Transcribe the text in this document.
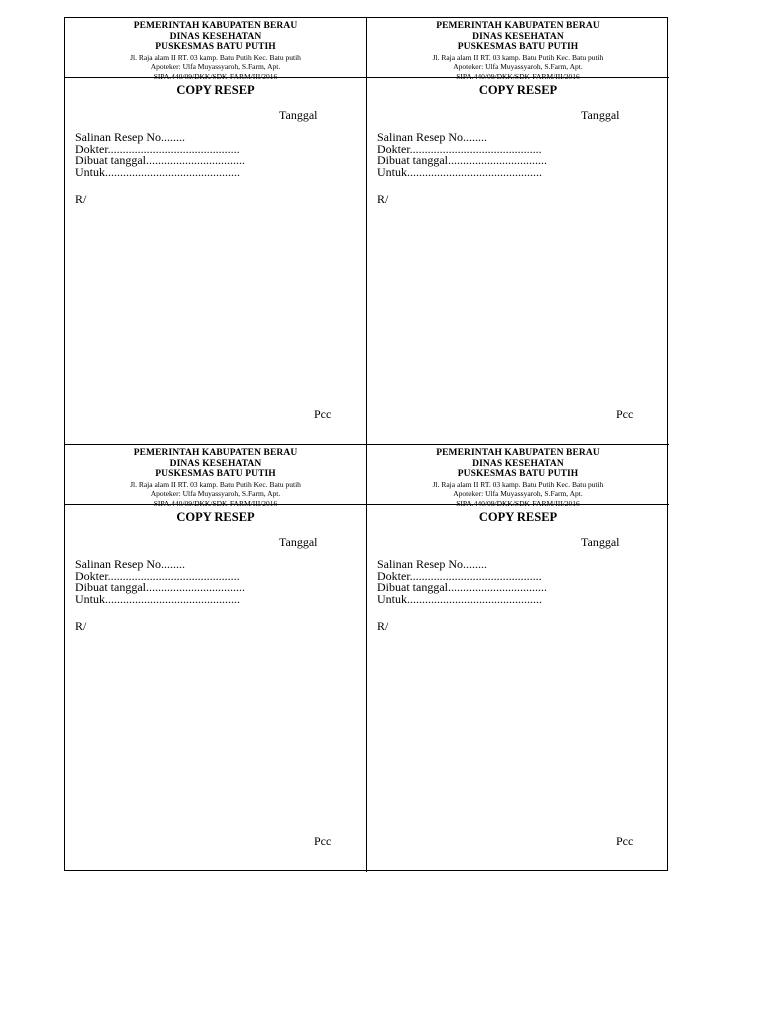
PEMERINTAH KABUPATEN BERAU
DINAS KESEHATAN
PUSKESMAS BATU PUTIH
Jl. Raja alam II RT. 03 kamp. Batu Putih Kec. Batu putih
Apoteker: Ulfa Muyassyaroh, S.Farm, Apt.
SIPA.440/09/DKK/SDK-FARM/III/2016
COPY RESEP
Tanggal
Salinan Resep No........
Dokter............................................
Dibuat tanggal.................................
Untuk.............................................
R/
Pcc
PEMERINTAH KABUPATEN BERAU
DINAS KESEHATAN
PUSKESMAS BATU PUTIH
Jl. Raja alam II RT. 03 kamp. Batu Putih Kec. Batu putih
Apoteker: Ulfa Muyassyaroh, S.Farm, Apt.
SIPA.440/09/DKK/SDK-FARM/III/2016
COPY RESEP
Tanggal
Salinan Resep No........
Dokter............................................
Dibuat tanggal.................................
Untuk.............................................
R/
Pcc
PEMERINTAH KABUPATEN BERAU
DINAS KESEHATAN
PUSKESMAS BATU PUTIH
Jl. Raja alam II RT. 03 kamp. Batu Putih Kec. Batu putih
Apoteker: Ulfa Muyassyaroh, S.Farm, Apt.
SIPA.440/09/DKK/SDK-FARM/III/2016
COPY RESEP
Tanggal
Salinan Resep No........
Dokter............................................
Dibuat tanggal.................................
Untuk.............................................
R/
Pcc
PEMERINTAH KABUPATEN BERAU
DINAS KESEHATAN
PUSKESMAS BATU PUTIH
Jl. Raja alam II RT. 03 kamp. Batu Putih Kec. Batu putih
Apoteker: Ulfa Muyassyaroh, S.Farm, Apt.
SIPA.440/09/DKK/SDK-FARM/III/2016
COPY RESEP
Tanggal
Salinan Resep No........
Dokter............................................
Dibuat tanggal.................................
Untuk.............................................
R/
Pcc
